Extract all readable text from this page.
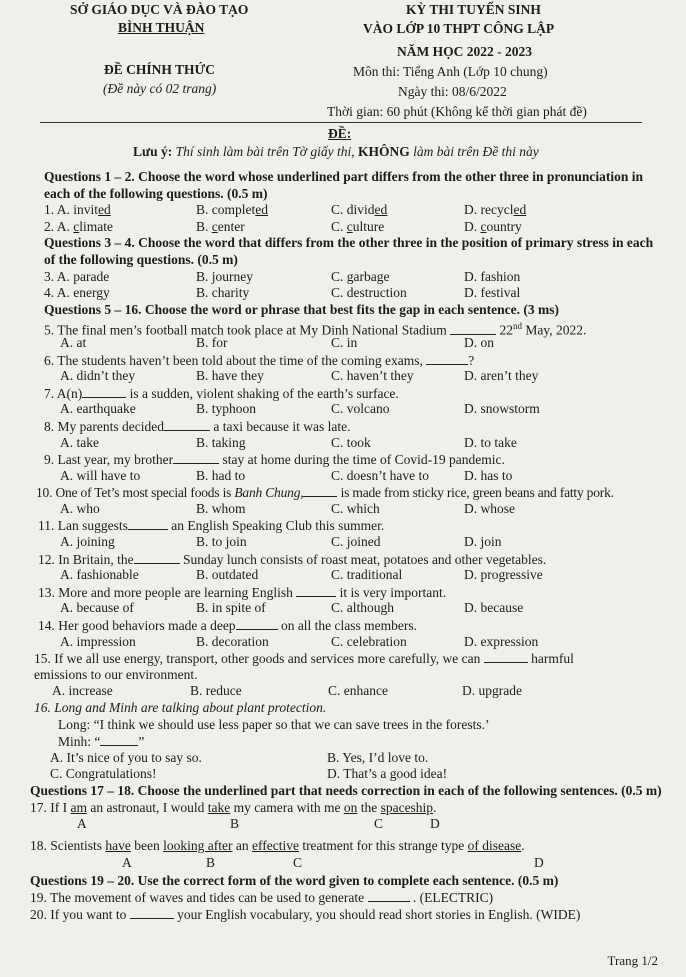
SỞ GIÁO DỤC VÀ ĐÀO TẠO
BÌNH THUẬN
KỲ THI TUYỂN SINH
VÀO LỚP 10 THPT CÔNG LẬP
NĂM HỌC 2022 - 2023
ĐỀ CHÍNH THỨC
(Đề này có 02 trang)
Môn thi: Tiếng Anh (Lớp 10 chung)
Ngày thi: 08/6/2022
Thời gian: 60 phút (Không kể thời gian phát đề)
ĐỀ:
Lưu ý: Thí sinh làm bài trên Tờ giấy thi, KHÔNG làm bài trên Đề thi này
Questions 1 – 2. Choose the word whose underlined part differs from the other three in pronunciation in each of the following questions. (0.5 m)
1. A. invited	B. completed	C. divided	D. recycled
2. A. climate	B. center	C. culture	D. country
Questions 3 – 4. Choose the word that differs from the other three in the position of primary stress in each of the following questions. (0.5 m)
3. A. parade	B. journey	C. garbage	D. fashion
4. A. energy	B. charity	C. destruction	D. festival
Questions 5 – 16. Choose the word or phrase that best fits the gap in each sentence. (3 ms)
5. The final men’s football match took place at My Dinh National Stadium	22nd May, 2022.
A. at	B. for	C. in	D. on
6. The students haven’t been told about the time of the coming exams,	?
A. didn’t they	B. have they	C. haven’t they	D. aren’t they
7. A(n)	is a sudden, violent shaking of the earth’s surface.
A. earthquake	B. typhoon	C. volcano	D. snowstorm
8. My parents decided	a taxi because it was late.
A. take	B. taking	C. took	D. to take
9. Last year, my brother	stay at home during the time of Covid-19 pandemic.
A. will have to	B. had to	C. doesn’t have to	D. has to
10. One of Tet’s most special foods is Banh Chung,	is made from sticky rice, green beans and fatty pork.
A. who	B. whom	C. which	D. whose
11. Lan suggests	an English Speaking Club this summer.
A. joining	B. to join	C. joined	D. join
12. In Britain, the	Sunday lunch consists of roast meat, potatoes and other vegetables.
A. fashionable	B. outdated	C. traditional	D. progressive
13. More and more people are learning English	it is very important.
A. because of	B. in spite of	C. although	D. because
14. Her good behaviors made a deep	on all the class members.
A. impression	B. decoration	C. celebration	D. expression
15. If we all use energy, transport, other goods and services more carefully, we can	harmful
emissions to our environment.
A. increase	B. reduce	C. enhance	D. upgrade
16. Long and Minh are talking about plant protection.
Long: “I think we should use less paper so that we can save trees in the forests.’
Minh: “	”
A. It’s nice of you to say so.	B. Yes, I’d love to.
C. Congratulations!	D. That’s a good idea!
Questions 17 – 18. Choose the underlined part that needs correction in each of the following sentences. (0.5 m)
17. If I am an astronaut, I would take my camera with me on the spaceship.
A	B	C	D
18. Scientists have been looking after an effective treatment for this strange type of disease.
A	B	C	D
Questions 19 – 20. Use the correct form of the word given to complete each sentence. (0.5 m)
19. The movement of waves and tides can be used to generate	. (ELECTRIC)
20. If you want to	your English vocabulary, you should read short stories in English. (WIDE)
Trang 1/2
